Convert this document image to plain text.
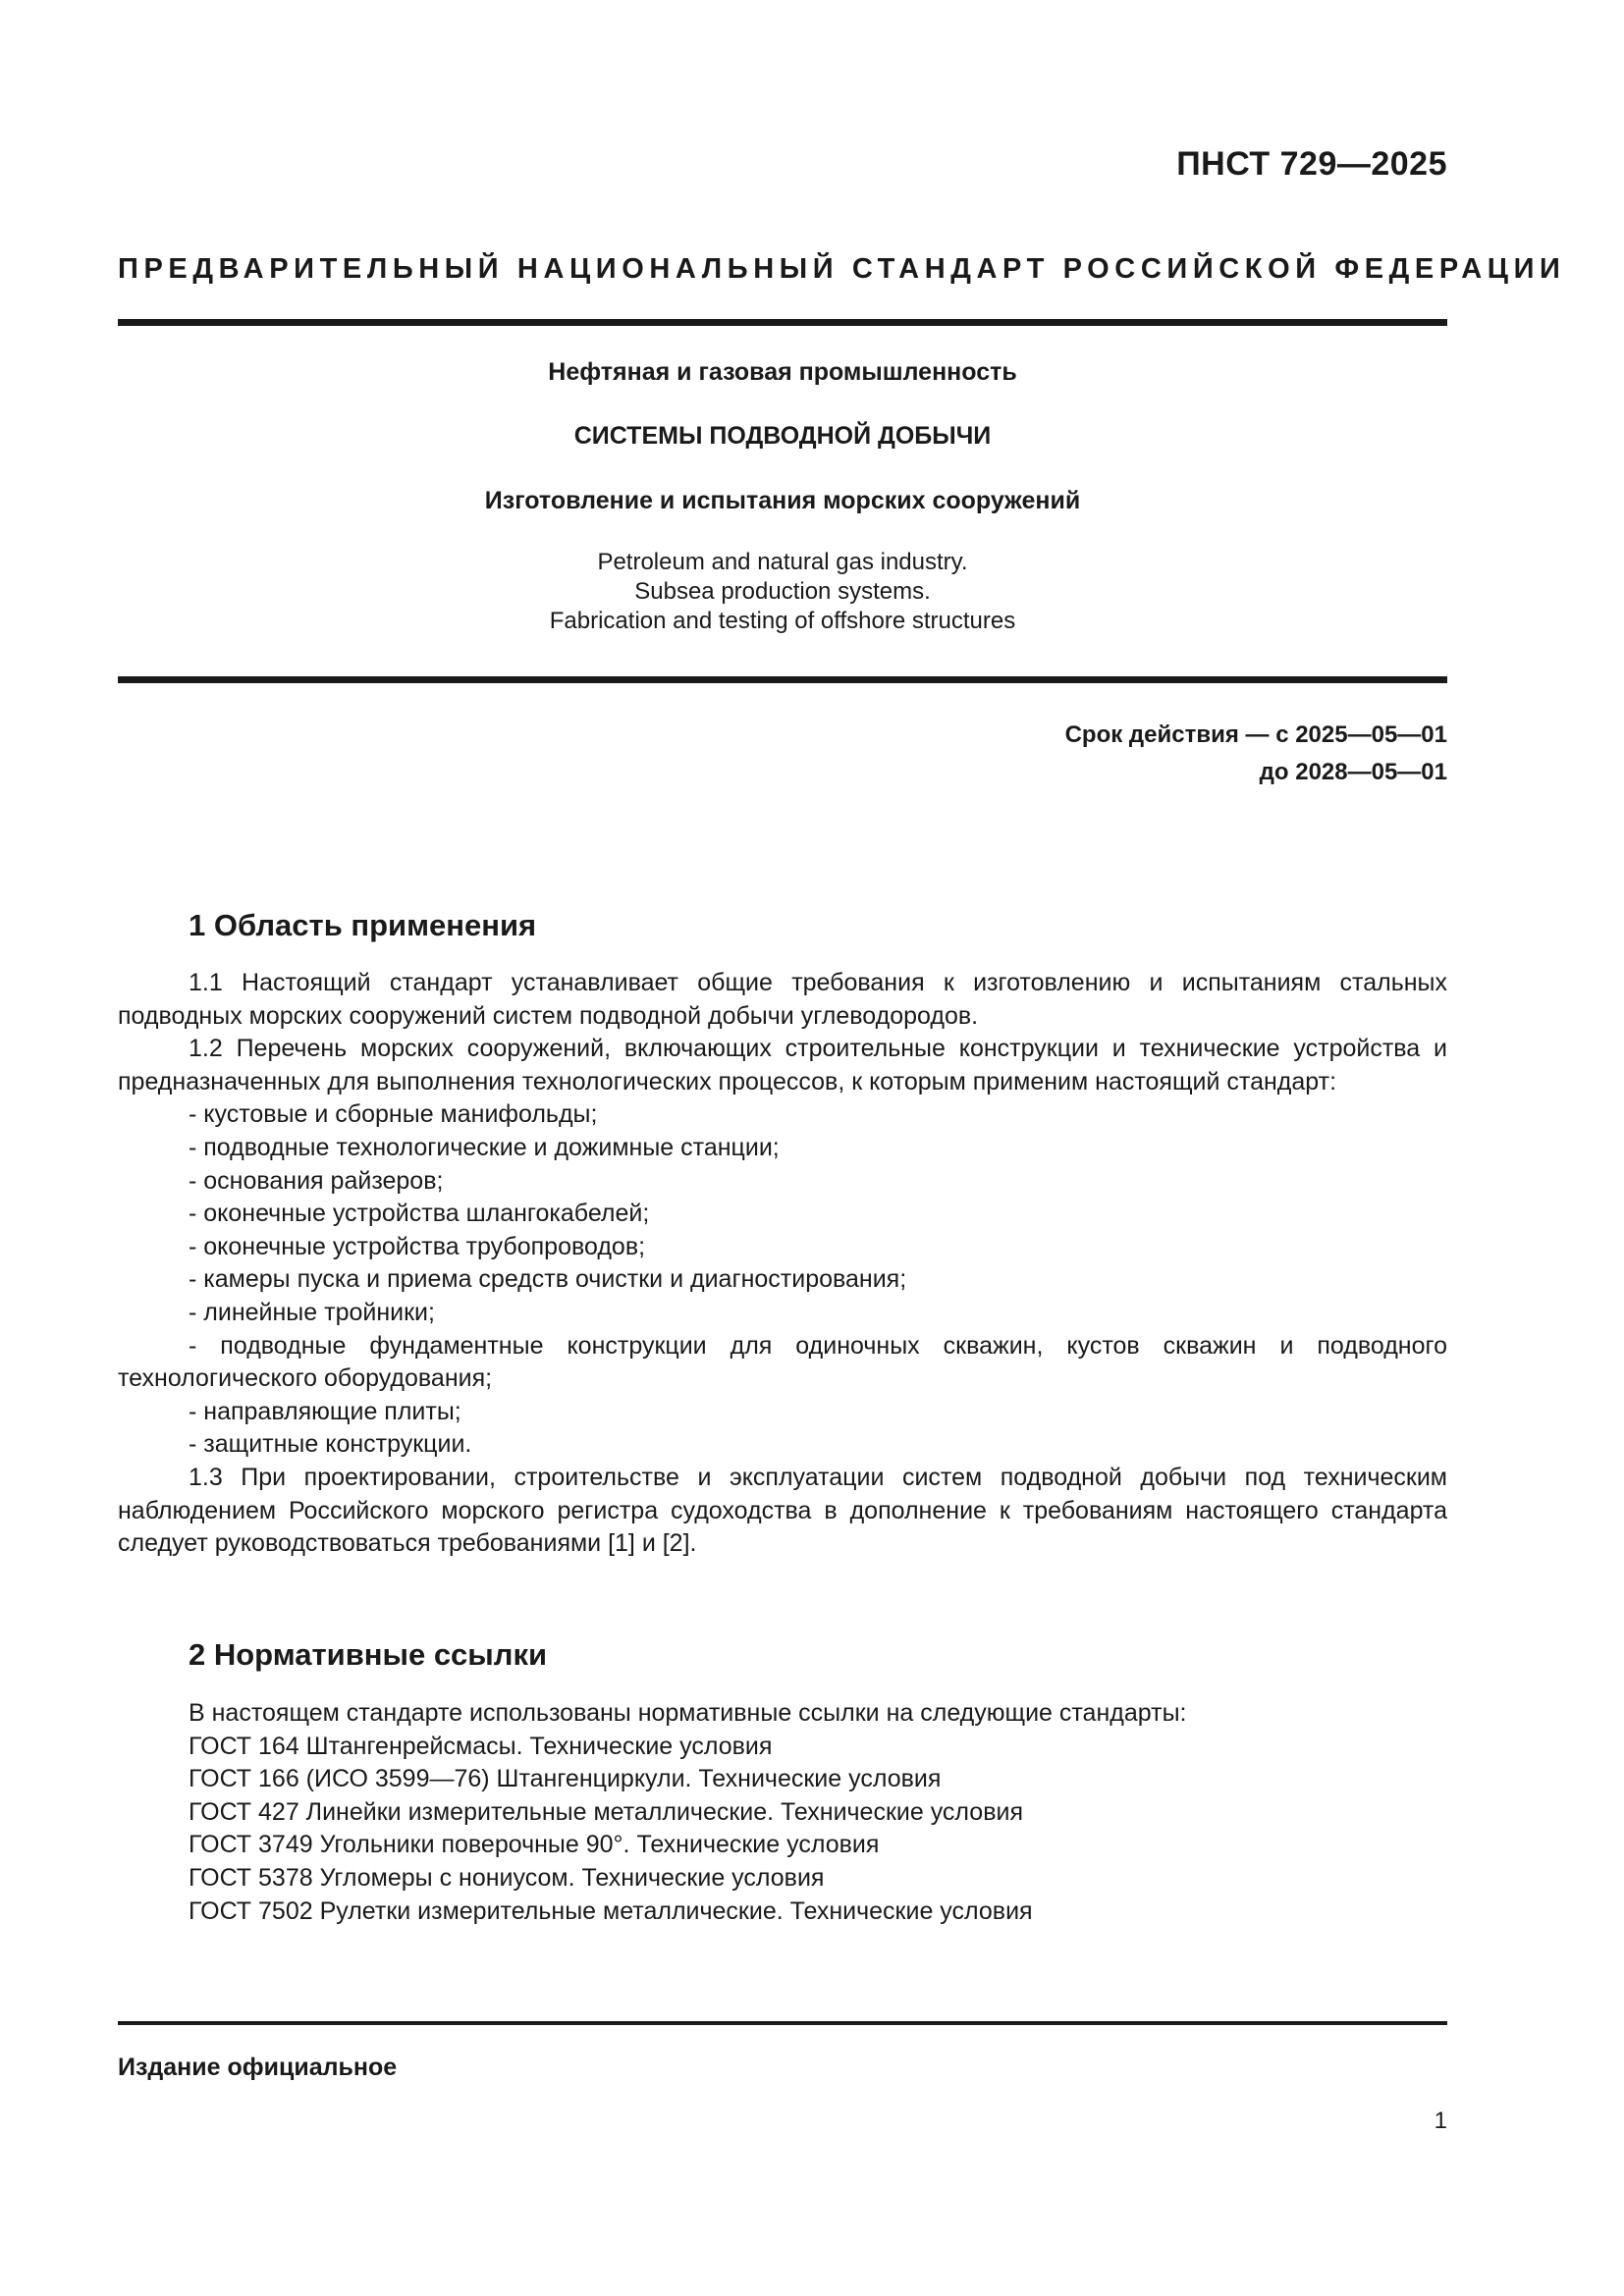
ПНСТ 729—2025
ПРЕДВАРИТЕЛЬНЫЙ НАЦИОНАЛЬНЫЙ СТАНДАРТ РОССИЙСКОЙ ФЕДЕРАЦИИ
Нефтяная и газовая промышленность
СИСТЕМЫ ПОДВОДНОЙ ДОБЫЧИ
Изготовление и испытания морских сооружений
Petroleum and natural gas industry.
Subsea production systems.
Fabrication and testing of offshore structures
Срок действия — с 2025—05—01
до 2028—05—01
1 Область применения

1.1 Настоящий стандарт устанавливает общие требования к изготовлению и испытаниям стальных подводных морских сооружений систем подводной добычи углеводородов.

1.2 Перечень морских сооружений, включающих строительные конструкции и технические устройства и предназначенных для выполнения технологических процессов, к которым применим настоящий стандарт:

- кустовые и сборные манифольды;

- подводные технологические и дожимные станции;

- основания райзеров;

- оконечные устройства шлангокабелей;

- оконечные устройства трубопроводов;

- камеры пуска и приема средств очистки и диагностирования;

- линейные тройники;

- подводные фундаментные конструкции для одиночных скважин, кустов скважин и подводного технологического оборудования;

- направляющие плиты;

- защитные конструкции.

1.3 При проектировании, строительстве и эксплуатации систем подводной добычи под техническим наблюдением Российского морского регистра судоходства в дополнение к требованиям настоящего стандарта следует руководствоваться требованиями [1] и [2].

2 Нормативные ссылки
В настоящем стандарте использованы нормативные ссылки на следующие стандарты:
ГОСТ 164 Штангенрейсмасы. Технические условия
ГОСТ 166 (ИСО 3599—76) Штангенциркули. Технические условия
ГОСТ 427 Линейки измерительные металлические. Технические условия
ГОСТ 3749 Угольники поверочные 90°. Технические условия
ГОСТ 5378 Угломеры с нониусом. Технические условия
ГОСТ 7502 Рулетки измерительные металлические. Технические условия
Издание официальное
1
